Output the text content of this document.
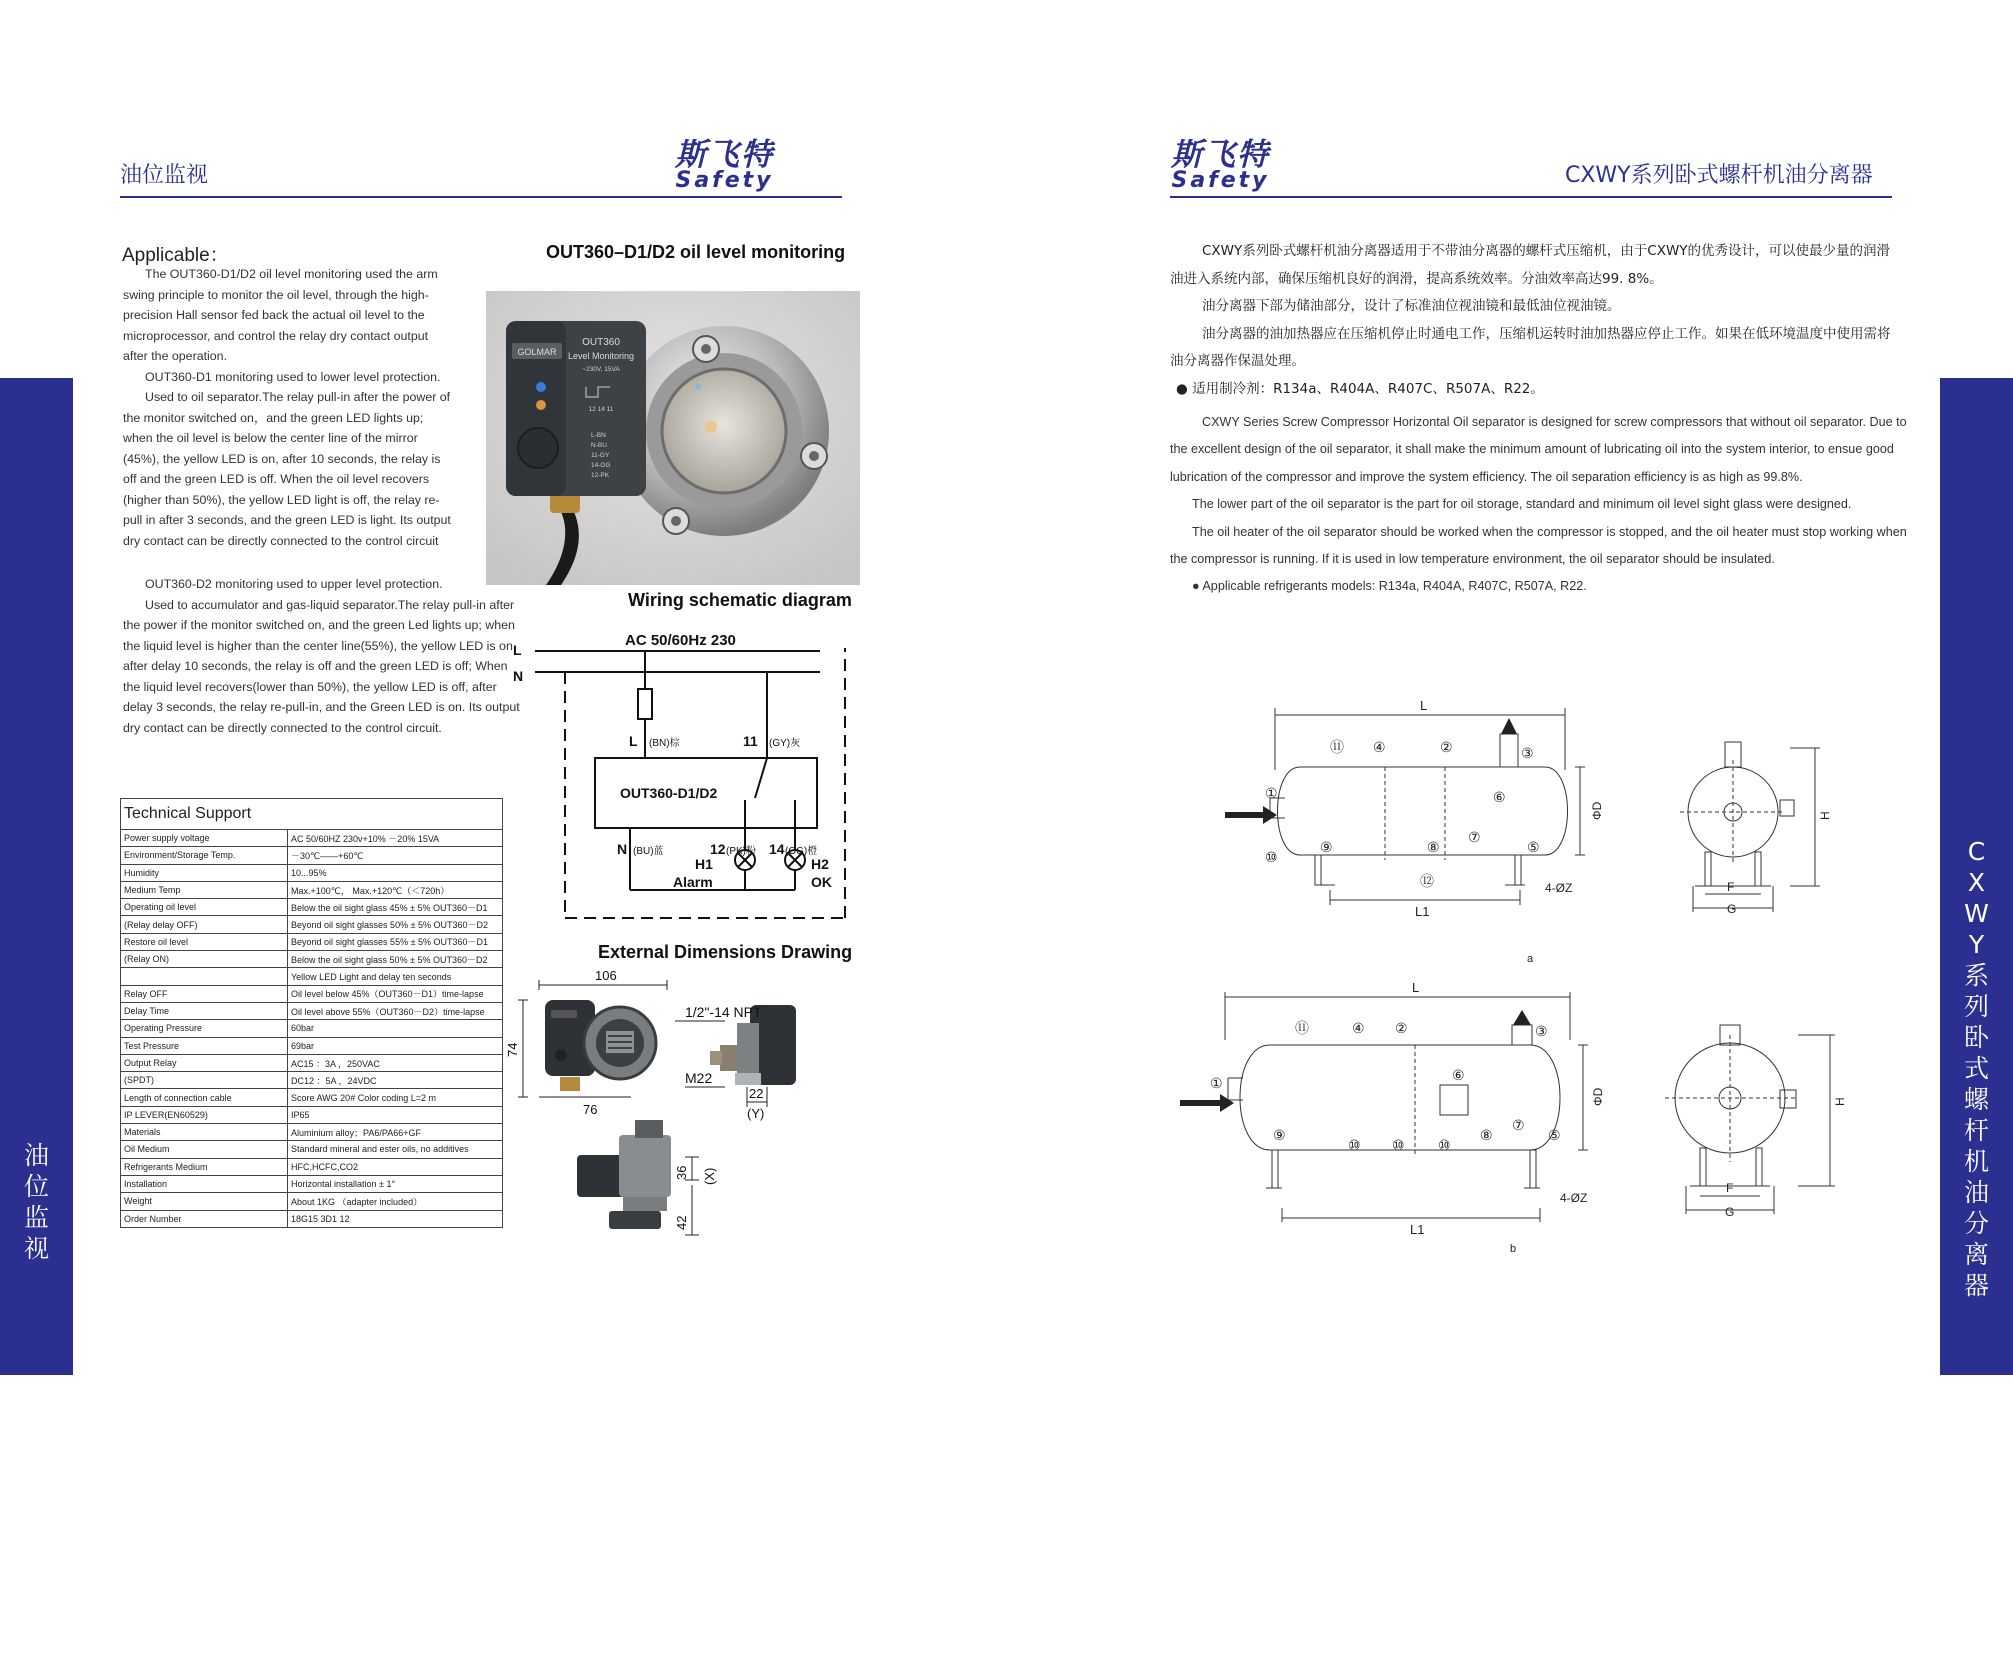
油
位
监
视
47
油位监视
斯飞特
Safety
Applicable：

The OUT360-D1/D2 oil level monitoring used the arm swing principle to monitor the oil level, through the high-precision Hall sensor fed back the actual oil level to the microprocessor, and control the relay dry contact output after the operation.

OUT360-D1 monitoring used to lower level protection.

Used to oil separator.The relay pull-in after the power of the monitor switched on，and the green LED lights up; when the oil level is below the center line of the mirror (45%), the yellow LED is on, after 10 seconds, the relay is off and the green LED is off. When the oil level recovers (higher than 50%), the yellow LED light is off, the relay re-pull in after 3 seconds, and the green LED is light. Its output dry contact can be directly connected to the control circuit

OUT360-D2 monitoring used to upper level protection.

Used to accumulator and gas-liquid separator.The relay pull-in after the power if the monitor switched on, and the green Led lights up; when the liquid level is higher than the center line(55%), the yellow LED is on, after delay 10 seconds, the relay is off and the green LED is off; When the liquid level recovers(lower than 50%), the yellow LED is off, after delay 3 seconds, the relay re-pull-in, and the Green LED is on. Its output dry contact can be directly connected to the control circuit.

OUT360–D1/D2 oil level monitoring
GOLMAR
OUT360
Level Monitoring
~230V, 15VA
12 14 11
L-BN
N-BU
11-GY
14-OG
12-PK
Wiring schematic diagram
AC 50/60Hz 230
L
N
L (BN)棕	11 (GY)灰
OUT360-D1/D2
N (BU)蓝	12 (PK)粉 14 (OG)橙
H1
Alarm
H2
OK
External Dimensions Drawing
106
74
76
1/2"-14 NPT
M22
22
(Y)
36 (X)
42
Technical Support	
Power supply voltage	AC 50/60HZ 230v+10% －20% 15VA
Environment/Storage Temp.	－30℃——+60℃
Humidity	10...95%
Medium Temp	Max.+100℃， Max.+120℃（＜720h）
Operating oil level	Below the oil sight glass 45% ± 5% OUT360－D1
(Relay delay OFF)	Beyond oil sight glasses 50% ± 5% OUT360－D2
Restore oil level	Beyond oil sight glasses 55% ± 5% OUT360－D1
(Relay ON)	Below the oil sight glass 50% ± 5% OUT360－D2
	Yellow LED Light and delay ten seconds
Relay OFF	Oil level below 45%（OUT360－D1）time-lapse
Delay Time	Oil level above 55%（OUT360－D2）time-lapse
Operating Pressure	60bar
Test Pressure	69bar
Output Relay	AC15 ：3A ，250VAC
(SPDT)	DC12 ：5A ，24VDC
Length of connection cable	Score AWG 20# Color coding L=2 m
IP LEVER(EN60529)	IP65
Materials	Aluminium alloy；PA6/PA66+GF
Oil Medium	Standard mineral and ester oils, no additives
Refrigerants Medium	HFC,HCFC,CO2
Installation	Horizontal installation ± 1°
Weight	About 1KG （adapter included）
Order Number	18G15 3D1 12
C
X
W
Y
系
列
卧
式
螺
杆
机
油
分
离
器
48
斯飞特
Safety	CXWY系列卧式螺杆机油分离器

CXWY系列卧式螺杆机油分离器适用于不带油分离器的螺杆式压缩机，由于CXWY的优秀设计，可以使最少量的润滑油进入系统内部，确保压缩机良好的润滑，提高系统效率。分油效率高达99. 8%。

油分离器下部为储油部分，设计了标准油位视油镜和最低油位视油镜。

油分离器的油加热器应在压缩机停止时通电工作，压缩机运转时油加热器应停止工作。如果在低环境温度中使用需将油分离器作保温处理。

● 适用制冷剂：R134a、R404A、R407C、R507A、R22。

CXWY Series Screw Compressor Horizontal Oil separator is designed for screw compressors that without oil separator. Due to the excellent design of the oil separator, it shall make the minimum amount of lubricating oil into the system interior, to ensue good lubrication of the compressor and improve the system efficiency. The oil separation efficiency is as high as 99.8%.

The lower part of the oil separator is the part for oil storage, standard and minimum oil level sight glass were designed.

The oil heater of the oil separator should be worked when the compressor is stopped, and the oil heater must stop working when the compressor is running. If it is used in low temperature environment, the oil separator should be insulated.

● Applicable refrigerants models: R134a, R404A, R407C, R507A, R22.

L
L1
ΦD	H
F
G
4-ØZ
a
①
②	③
④
⑤
⑥
⑦
⑧
⑨
⑩
⑪
⑫
L
L1
ΦD	H
F
G
4-ØZ
b
①
②	③
④
⑤
⑥
⑦
⑧
⑨
⑩
⑪
⑩ ⑩
